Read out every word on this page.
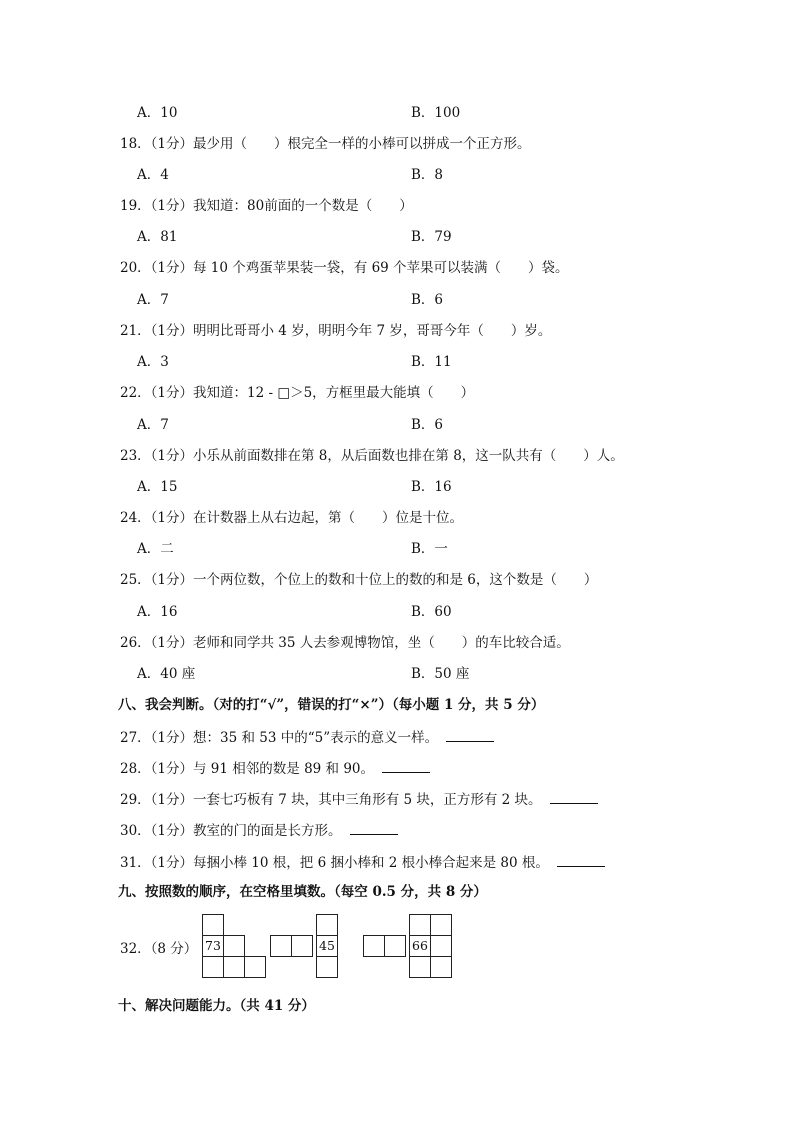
A．10	B．100
18．（1分）最少用（　　）根完全一样的小棒可以拼成一个正方形。
A．4	B．8
19．（1分）我知道：80前面的一个数是（　　）
A．81	B．79
20．（1分）每 10 个鸡蛋苹果装一袋，有 69 个苹果可以装满（　　）袋。
A．7	B．6
21．（1分）明明比哥哥小 4 岁，明明今年 7 岁，哥哥今年（　　）岁。
A．3	B．11
22．（1分）我知道：12 - □＞5，方框里最大能填（　　）
A．7	B．6
23．（1分）小乐从前面数排在第 8，从后面数也排在第 8，这一队共有（　　）人。
A．15	B．16
24．（1分）在计数器上从右边起，第（　　）位是十位。
A．二	B．一
25．（1分）一个两位数，个位上的数和十位上的数的和是 6，这个数是（　　）
A．16	B．60
26．（1分）老师和同学共 35 人去参观博物馆，坐（　　）的车比较合适。
A．40 座	B．50 座
八、我会判断。（对的打“√”，错误的打“×”）（每小题 1 分，共 5 分）
27．（1分）想：35 和 53 中的“5”表示的意义一样。
28．（1分）与 91 相邻的数是 89 和 90。
29．（1分）一套七巧板有 7 块，其中三角形有 5 块，正方形有 2 块。
30．（1分）教室的门的面是长方形。
31．（1分）每捆小棒 10 根，把 6 捆小棒和 2 根小棒合起来是 80 根。
九、按照数的顺序，在空格里填数。（每空 0.5 分，共 8 分）
32．（8 分） 73	45	66
十、解决问题能力。（共 41 分）
